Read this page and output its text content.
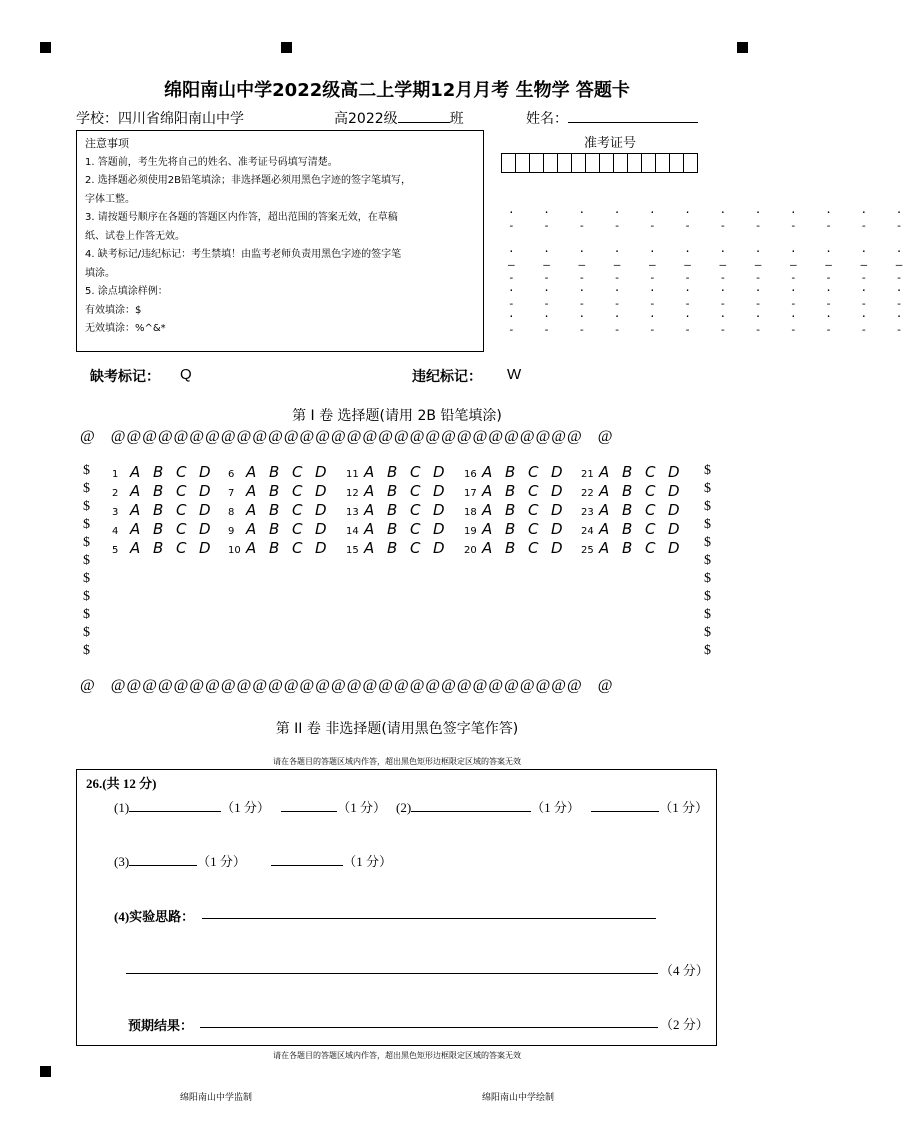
绵阳南山中学2022级高二上学期12月月考 生物学 答题卡
学校：四川省绵阳南山中学	高2022级	班	姓名：
注意事项
1. 答题前，考生先将自己的姓名、准考证号码填写清楚。
2. 选择题必须使用2B铅笔填涂；非选择题必须用黑色字迹的签字笔填写，
字体工整。
3. 请按题号顺序在各题的答题区内作答，超出范围的答案无效，在草稿
纸、试卷上作答无效。
4. 缺考标记/违纪标记：考生禁填！由监考老师负责用黑色字迹的签字笔
填涂。
5. 涂点填涂样例：
有效填涂：$
无效填涂：%^&*
准考证号
· · · · · · · · · · · ·
- - - - - - - - - - - -

· · · · · · · · · · · ·
– – – – – – – – – – – –
- - - - - - - - - - - -
· · · · · · · · · · · ·
- - - - - - - - - - - -
· · · · · · · · · · · ·
- - - - - - - - - - - -
缺考标记： Q	违纪标记： W
第 I 卷 选择题(请用 2B 铅笔填涂)
@   @@@@@@@@@@@@@@@@@@@@@@@@@@@@@@   @
@   @@@@@@@@@@@@@@@@@@@@@@@@@@@@@@   @
$
$
$
$
$
$
$
$
$
$
$
$
$
$
$
$
$
$
$
$
$
$
1 A B C D
2 A B C D
3 A B C D
4 A B C D
5 A B C D
6 A B C D
7 A B C D
8 A B C D
9 A B C D
10 A B C D
11 A B C D
12 A B C D
13 A B C D
14 A B C D
15 A B C D
16 A B C D
17 A B C D
18 A B C D
19 A B C D
20 A B C D
21 A B C D
22 A B C D
23 A B C D
24 A B C D
25 A B C D
第 II 卷 非选择题(请用黑色签字笔作答)
请在各题目的答题区域内作答，超出黑色矩形边框限定区域的答案无效
26.(共 12 分)
(1)	（1 分）	（1 分） (2)	（1 分）	（1 分）
(3)	（1 分）	（1 分）
(4)实验思路：
（4 分）
预期结果：	（2 分）
请在各题目的答题区域内作答，超出黑色矩形边框限定区域的答案无效
绵阳南山中学监制	绵阳南山中学绘制
